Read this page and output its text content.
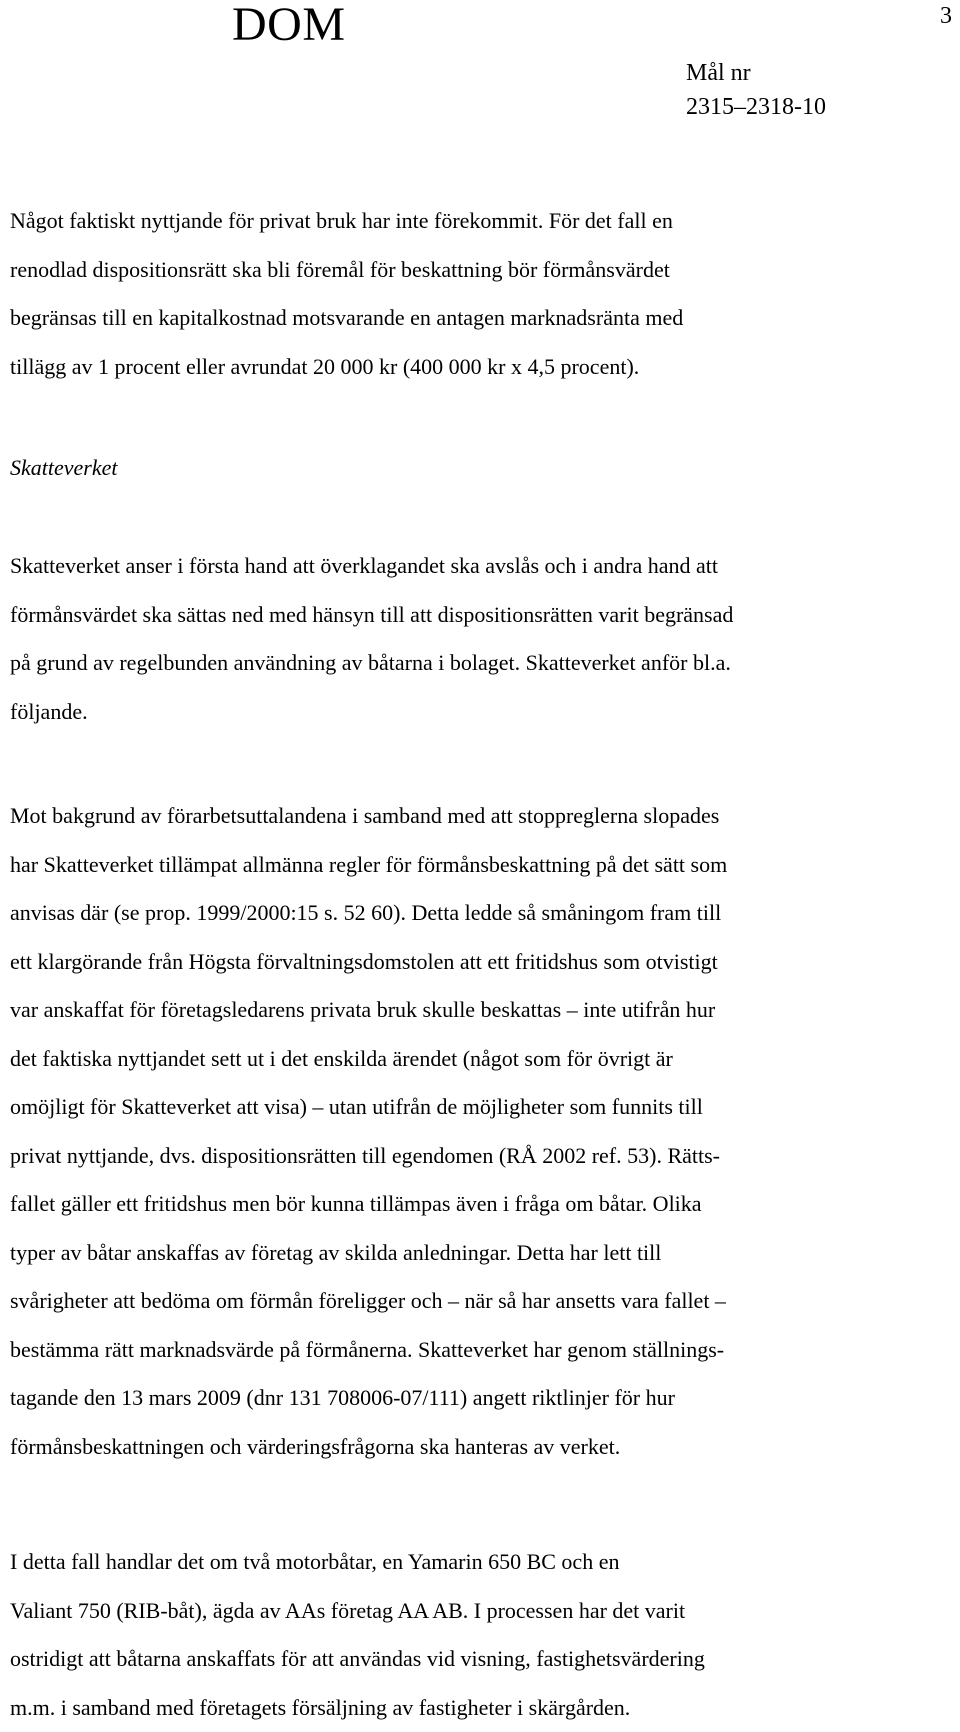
DOM	3
Mål nr
2315–2318-10

Något faktiskt nyttjande för privat bruk har inte förekommit. För det fall en
renodlad dispositionsrätt ska bli föremål för beskattning bör förmånsvärdet
begränsas till en kapitalkostnad motsvarande en antagen marknadsränta med
tillägg av 1 procent eller avrundat 20 000 kr (400 000 kr x 4,5 procent).

Skatteverket

Skatteverket anser i första hand att överklagandet ska avslås och i andra hand att
förmånsvärdet ska sättas ned med hänsyn till att dispositionsrätten varit begränsad
på grund av regelbunden användning av båtarna i bolaget. Skatteverket anför bl.a.
följande.

Mot bakgrund av förarbetsuttalandena i samband med att stoppreglerna slopades
har Skatteverket tillämpat allmänna regler för förmånsbeskattning på det sätt som
anvisas där (se prop. 1999/2000:15 s. 52 60). Detta ledde så småningom fram till
ett klargörande från Högsta förvaltningsdomstolen att ett fritidshus som otvistigt
var anskaffat för företagsledarens privata bruk skulle beskattas – inte utifrån hur
det faktiska nyttjandet sett ut i det enskilda ärendet (något som för övrigt är
omöjligt för Skatteverket att visa) – utan utifrån de möjligheter som funnits till
privat nyttjande, dvs. dispositionsrätten till egendomen (RÅ 2002 ref. 53). Rätts-
fallet gäller ett fritidshus men bör kunna tillämpas även i fråga om båtar. Olika
typer av båtar anskaffas av företag av skilda anledningar. Detta har lett till
svårigheter att bedöma om förmån föreligger och – när så har ansetts vara fallet –
bestämma rätt marknadsvärde på förmånerna. Skatteverket har genom ställnings-
tagande den 13 mars 2009 (dnr 131 708006-07/111) angett riktlinjer för hur
förmånsbeskattningen och värderingsfrågorna ska hanteras av verket.

I detta fall handlar det om två motorbåtar, en Yamarin 650 BC och en
Valiant 750 (RIB-båt), ägda av AAs företag AA AB. I processen har det varit
ostridigt att båtarna anskaffats för att användas vid visning, fastighetsvärdering
m.m. i samband med företagets försäljning av fastigheter i skärgården.
